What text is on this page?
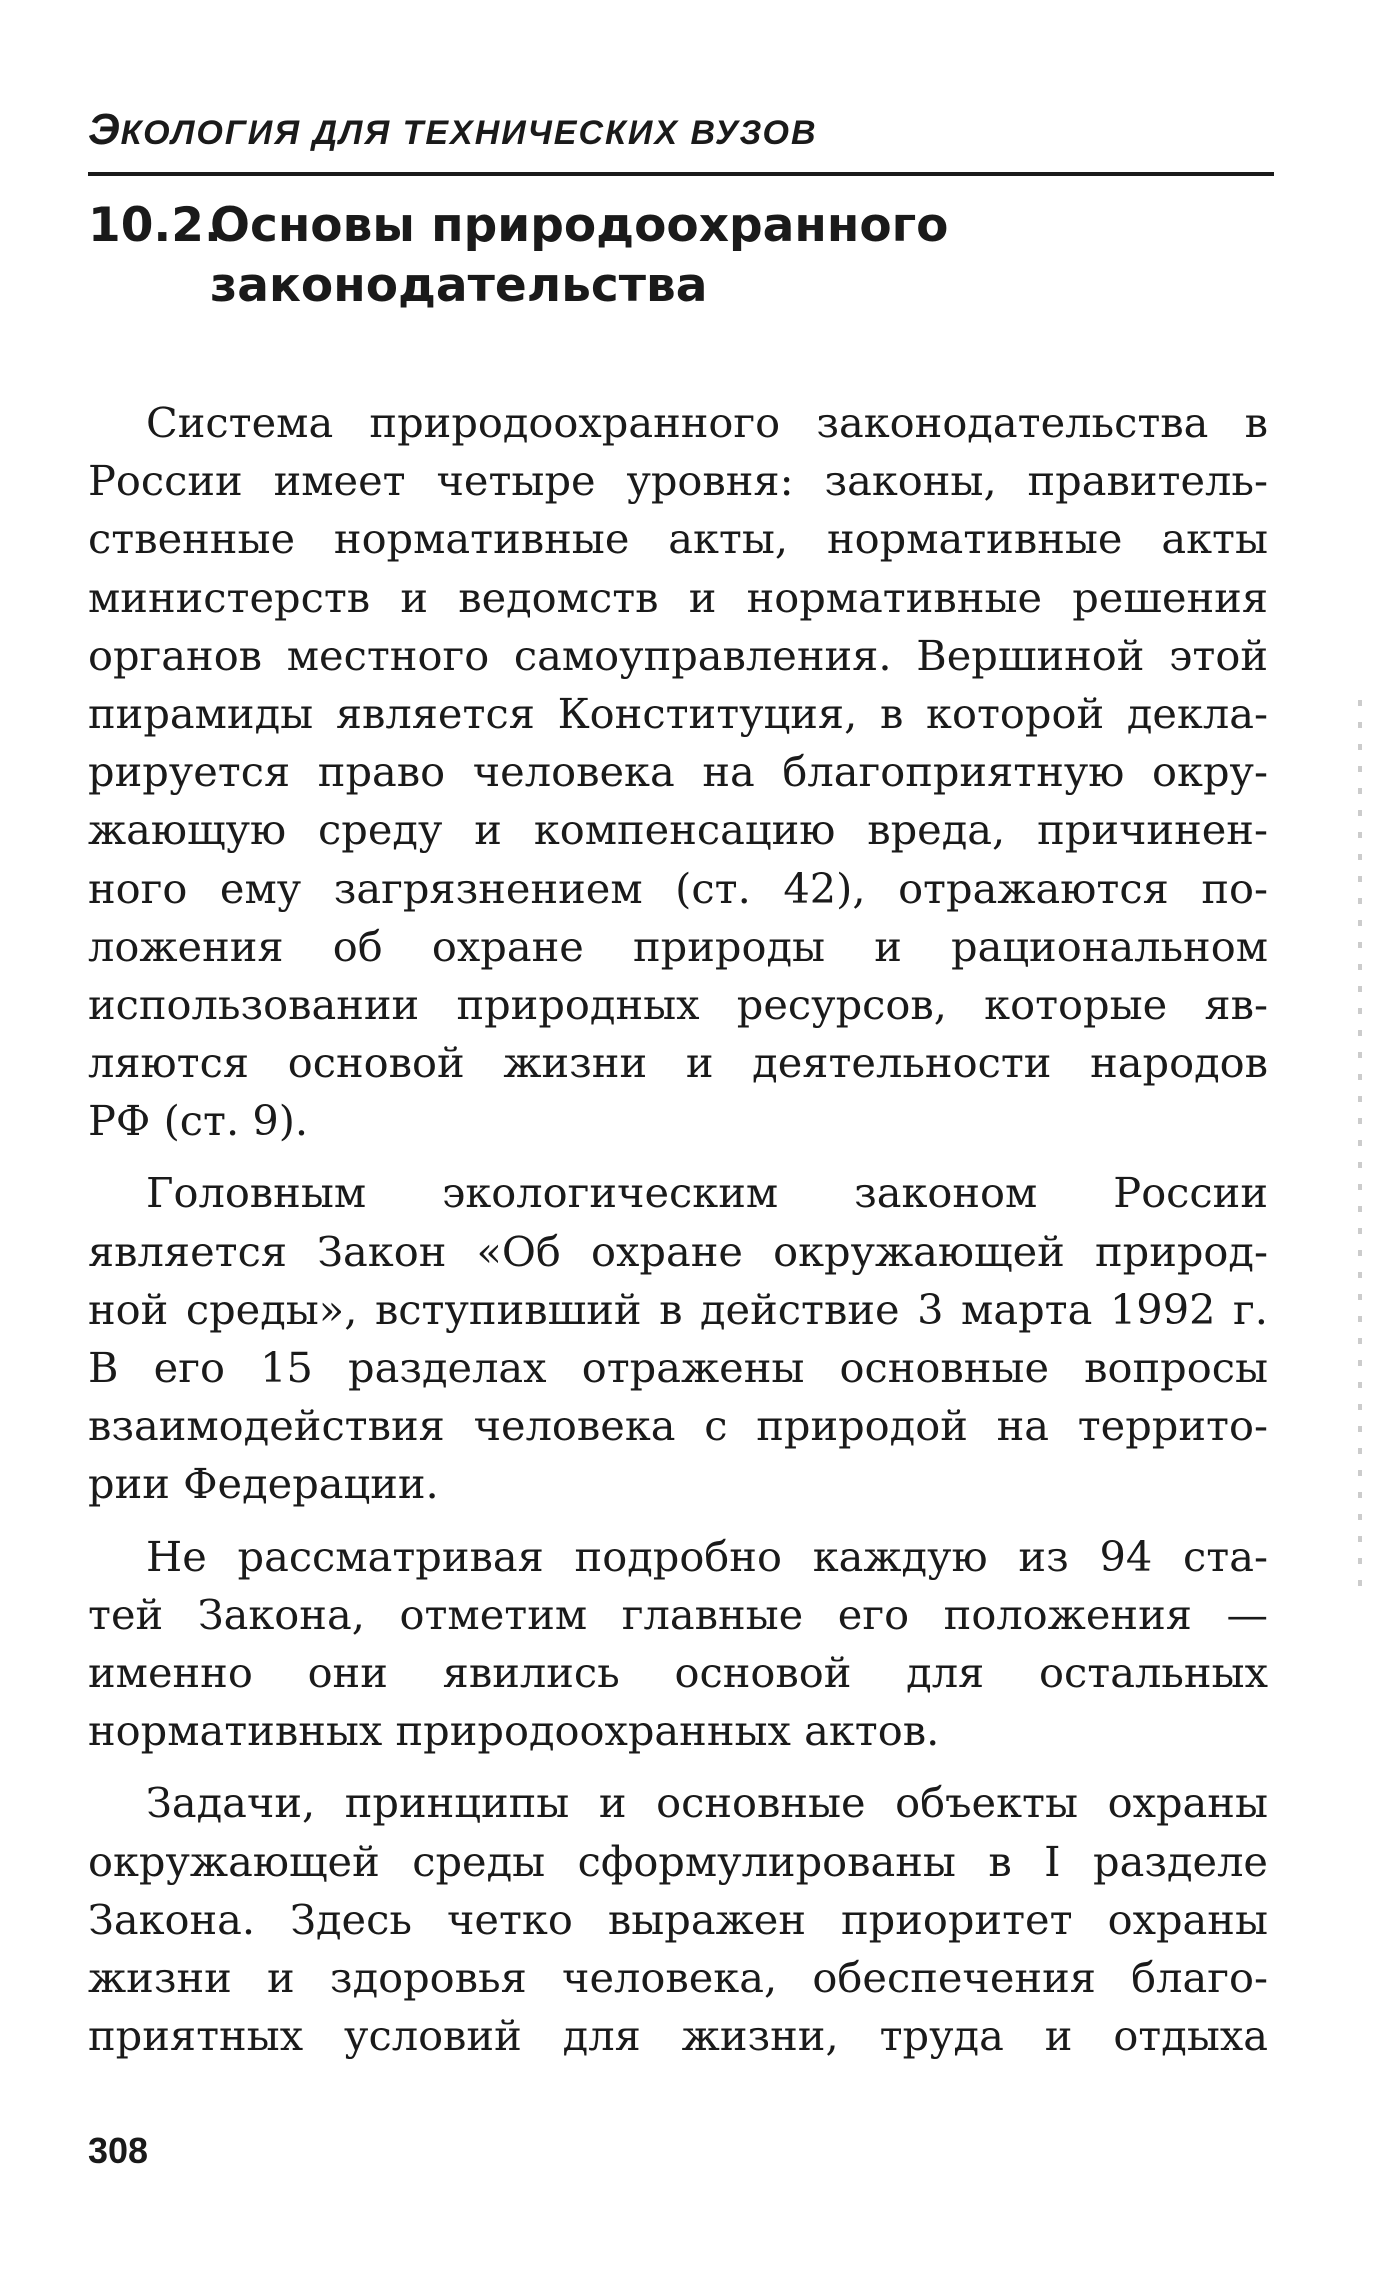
ЭКОЛОГИЯ ДЛЯ ТЕХНИЧЕСКИХ ВУЗОВ
10.2.Основы природоохранного
законодательства
Система природоохранного законодательства в
России имеет четыре уровня: законы, правитель-
ственные нормативные акты, нормативные акты
министерств и ведомств и нормативные решения
органов местного самоуправления. Вершиной этой
пирамиды является Конституция, в которой декла-
рируется право человека на благоприятную окру-
жающую среду и компенсацию вреда, причинен-
ного ему загрязнением (ст. 42), отражаются по-
ложения об охране природы и рациональном
использовании природных ресурсов, которые яв-
ляются основой жизни и деятельности народов
РФ (ст. 9).
Головным экологическим законом России
является Закон «Об охране окружающей природ-
ной среды», вступивший в действие 3 марта 1992 г.
В его 15 разделах отражены основные вопросы
взаимодействия человека с природой на террито-
рии Федерации.
Не рассматривая подробно каждую из 94 ста-
тей Закона, отметим главные его положения —
именно они явились основой для остальных
нормативных природоохранных актов.
Задачи, принципы и основные объекты охраны
окружающей среды сформулированы в I разделе
Закона. Здесь четко выражен приоритет охраны
жизни и здоровья человека, обеспечения благо-
приятных условий для жизни, труда и отдыха
308
